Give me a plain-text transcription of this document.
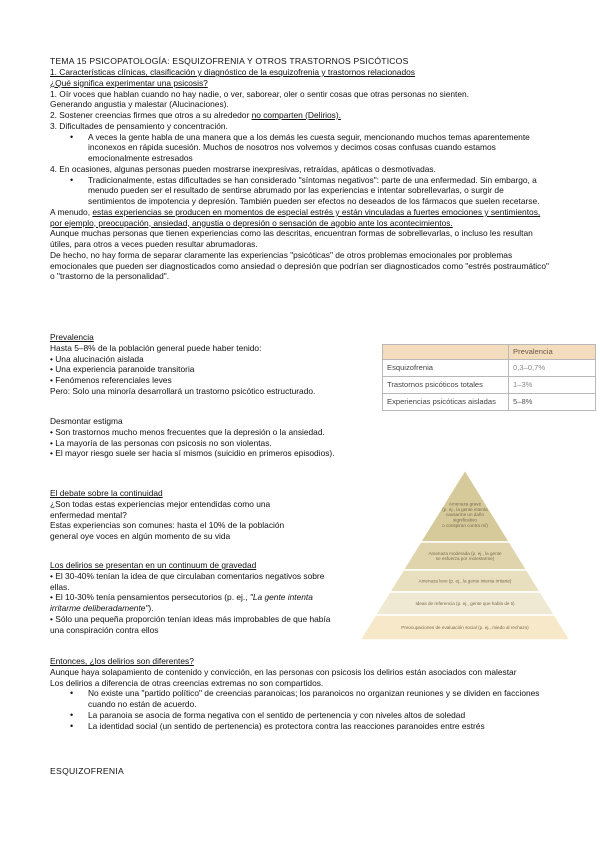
TEMA 15 PSICOPATOLOGÍA: ESQUIZOFRENIA Y OTROS TRASTORNOS PSICÓTICOS

1. Características clínicas, clasificación y diagnóstico de la esquizofrenia y trastornos relacionados

¿Qué significa experimentar una psicosis?

1. Oír voces que hablan cuando no hay nadie, o ver, saborear, oler o sentir cosas que otras personas no sienten.

Generando angustia y malestar (Alucinaciones).

2. Sostener creencias firmes que otros a su alrededor no comparten (Delirios).

3. Dificultades de pensamiento y concentración.

• A veces la gente habla de una manera que a los demás les cuesta seguir, mencionando muchos temas aparentemente inconexos en rápida sucesión. Muchos de nosotros nos volvemos y decimos cosas confusas cuando estamos emocionalmente estresados

4. En ocasiones, algunas personas pueden mostrarse inexpresivas, retraídas, apáticas o desmotivadas.

• Tradicionalmente, estas dificultades se han considerado "síntomas negativos": parte de una enfermedad. Sin embargo, a menudo pueden ser el resultado de sentirse abrumado por las experiencias e intentar sobrellevarlas, o surgir de sentimientos de impotencia y depresión. También pueden ser efectos no deseados de los fármacos que suelen recetarse.

A menudo, estas experiencias se producen en momentos de especial estrés y están vinculadas a fuertes emociones y sentimientos, por ejemplo, preocupación, ansiedad, angustia o depresión o sensación de agobio ante los acontecimientos.

Aunque muchas personas que tienen experiencias como las descritas, encuentran formas de sobrellevarlas, o incluso les resultan útiles, para otros a veces pueden resultar abrumadoras.

De hecho, no hay forma de separar claramente las experiencias "psicóticas" de otros problemas emocionales por problemas emocionales que pueden ser diagnosticados como ansiedad o depresión que podrían ser diagnosticados como "estrés postraumático" o "trastorno de la personalidad".

Prevalencia

Hasta 5–8% de la población general puede haber tenido:

• Una alucinación aislada

• Una experiencia paranoide transitoria

• Fenómenos referenciales leves

Pero: Solo una minoría desarrollará un trastorno psicótico estructurado.

	Prevalencia
Esquizofrenia	0,3–0,7%
Trastornos psicóticos totales	1–3%
Experiencias psicóticas aisladas	5–8%

Desmontar estigma

• Son trastornos mucho menos frecuentes que la depresión o la ansiedad.

• La mayoría de las personas con psicosis no son violentas.

• El mayor riesgo suele ser hacia sí mismos (suicidio en primeros episodios).

El debate sobre la continuidad

¿Son todas estas experiencias mejor entendidas como una enfermedad mental?

Estas experiencias son comunes: hasta el 10% de la población general oye voces en algún momento de su vida

Los delirios se presentan en un continuum de gravedad

• El 30-40% tenían la idea de que circulaban comentarios negativos sobre ellas.

• El 10-30% tenía pensamientos persecutorios (p. ej., "La gente intenta irritarme deliberadamente").

• Sólo una pequeña proporción tenían ideas más improbables de que había una conspiración contra ellos

Amenaza grave
(p. ej., la gente intenta
causarme un daño
significativo
o conspiran contra mí)
Amenaza moderada (p. ej., la gente
se esfuerza por molestarme)
Amenaza leve (p. ej., la gente intenta irritarte)
Ideas de referencia (p. ej., gente que habla de ti)
Preocupaciones de evaluación social (p. ej., miedo al rechazo)

Entonces, ¿los delirios son diferentes?

Aunque haya solapamiento de contenido y convicción, en las personas con psicosis los delirios están asociados con malestar

Los delirios a diferencia de otras creencias extremas no son compartidos.

• No existe una "partido político" de creencias paranoicas; los paranoicos no organizan reuniones y se dividen en facciones cuando no están de acuerdo.
• La paranoia se asocia de forma negativa con el sentido de pertenencia y con niveles altos de soledad
• La identidad social (un sentido de pertenencia) es protectora contra las reacciones paranoides entre estrés

ESQUIZOFRENIA
